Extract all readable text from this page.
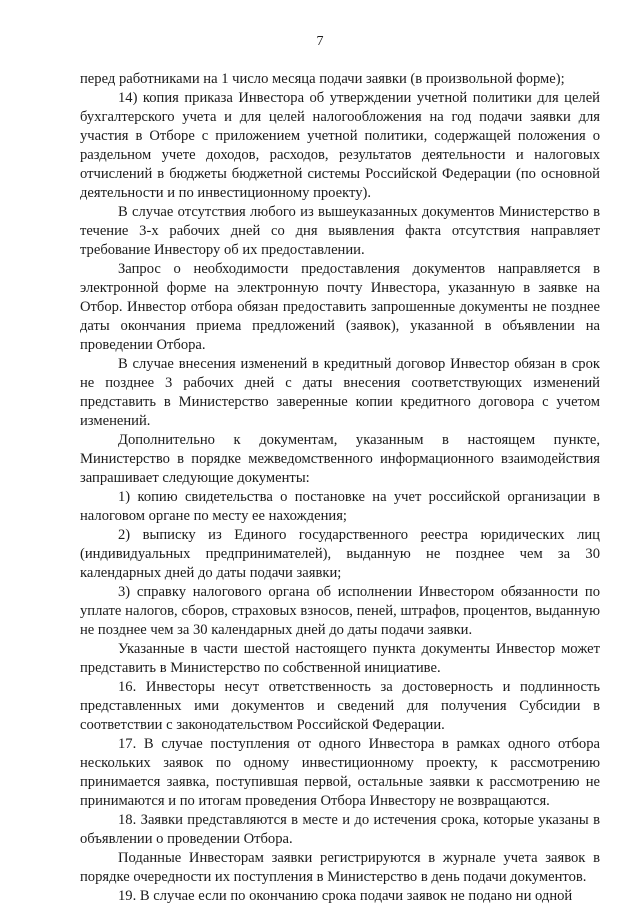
7

перед работниками на 1 число месяца подачи заявки (в произвольной форме);

14) копия приказа Инвестора об утверждении учетной политики для целей бухгалтерского учета и для целей налогообложения на год подачи заявки для участия в Отборе с приложением учетной политики, содержащей положения о раздельном учете доходов, расходов, результатов деятельности и налоговых отчислений в бюджеты бюджетной системы Российской Федерации (по основной деятельности и по инвестиционному проекту).

В случае отсутствия любого из вышеуказанных документов Министерство в течение 3-х рабочих дней со дня выявления факта отсутствия направляет требование Инвестору об их предоставлении.

Запрос о необходимости предоставления документов направляется в электронной форме на электронную почту Инвестора, указанную в заявке на Отбор. Инвестор отбора обязан предоставить запрошенные документы не позднее даты окончания приема предложений (заявок), указанной в объявлении на проведении Отбора.

В случае внесения изменений в кредитный договор Инвестор обязан в срок не позднее 3 рабочих дней с даты внесения соответствующих изменений представить в Министерство заверенные копии кредитного договора с учетом изменений.

Дополнительно к документам, указанным в настоящем пункте, Министерство в порядке межведомственного информационного взаимодействия запрашивает следующие документы:

1) копию свидетельства о постановке на учет российской организации в налоговом органе по месту ее нахождения;

2) выписку из Единого государственного реестра юридических лиц (индивидуальных предпринимателей), выданную не позднее чем за 30 календарных дней до даты подачи заявки;

3) справку налогового органа об исполнении Инвестором обязанности по уплате налогов, сборов, страховых взносов, пеней, штрафов, процентов, выданную не позднее чем за 30 календарных дней до даты подачи заявки.

Указанные в части шестой настоящего пункта документы Инвестор может представить в Министерство по собственной инициативе.

16. Инвесторы несут ответственность за достоверность и подлинность представленных ими документов и сведений для получения Субсидии в соответствии с законодательством Российской Федерации.

17. В случае поступления от одного Инвестора в рамках одного отбора нескольких заявок по одному инвестиционному проекту, к рассмотрению принимается заявка, поступившая первой, остальные заявки к рассмотрению не принимаются и по итогам проведения Отбора Инвестору не возвращаются.

18. Заявки представляются в месте и до истечения срока, которые указаны в объявлении о проведении Отбора.

Поданные Инвесторам заявки регистрируются в журнале учета заявок в порядке очередности их поступления в Министерство в день подачи документов.

19. В случае если по окончанию срока подачи заявок не подано ни одной
